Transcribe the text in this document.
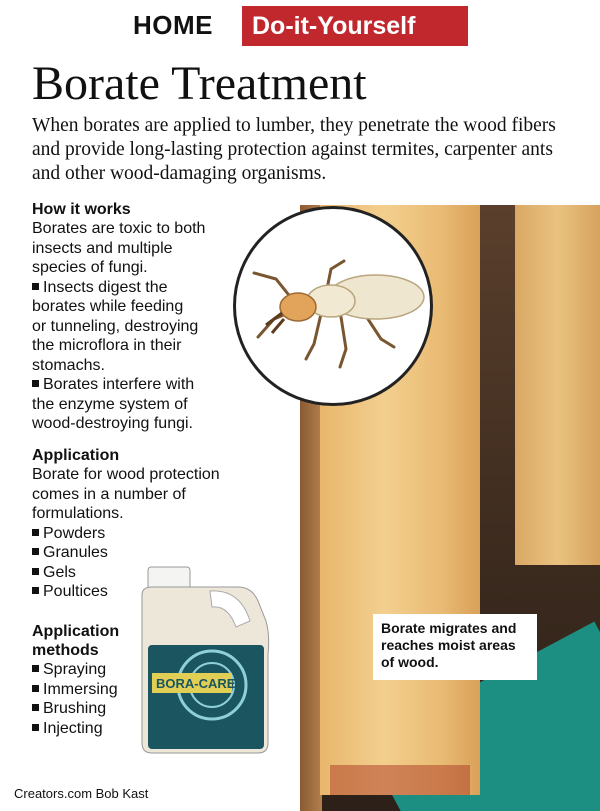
HOME	Do-it-Yourself
Borate Treatment

When borates are applied to lumber, they penetrate the wood fibers and provide long-lasting protection against termites, carpenter ants and other wood-damaging organisms.

How it works

Borates are toxic to both

insects and multiple

species of fungi.

Insects digest the

borates while feeding

or tunneling, destroying

the microflora in their

stomachs.

Borates interfere with

the enzyme system of

wood-destroying fungi.

Application

Borate for wood protection

comes in a number of

formulations.

Powders

Granules

Gels

Poultices

Application

methods

Spraying

Immersing

Brushing

Injecting

BORA-CARE
Borate migrates and reaches moist areas of wood.
Creators.com Bob Kast
